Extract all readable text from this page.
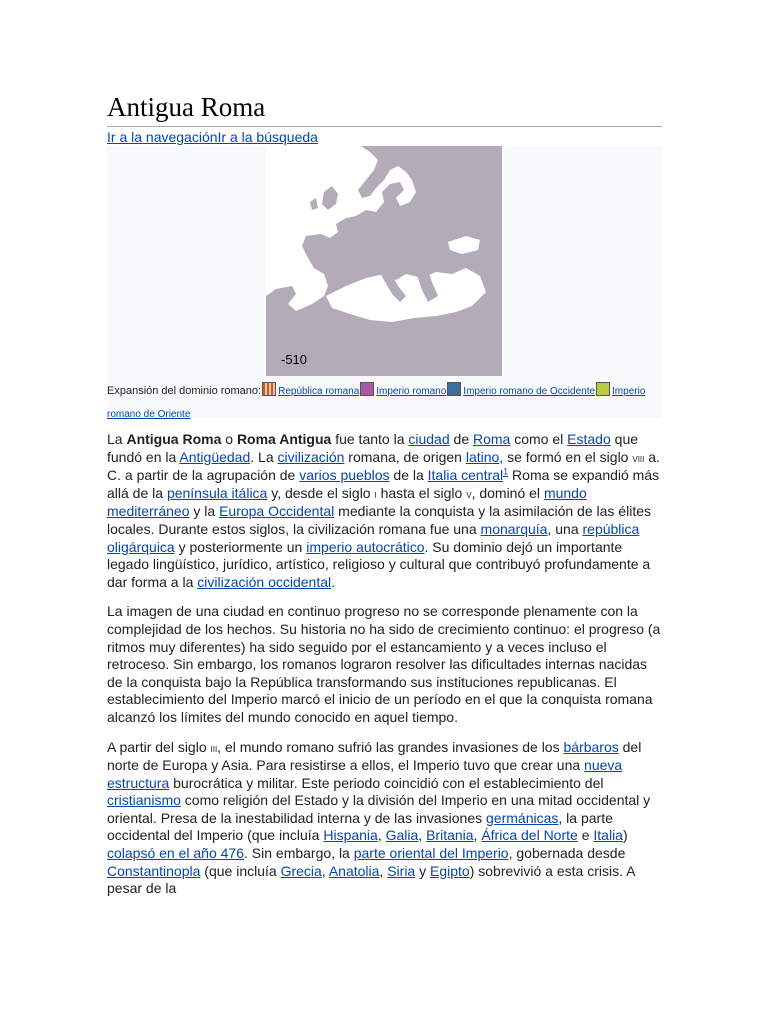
Antigua Roma
Ir a la navegaciónIr a la búsqueda
-510
Expansión del dominio romano: República romana Imperio romano Imperio romano de Occidente Imperio romano de Oriente

La Antigua Roma o Roma Antigua fue tanto la ciudad de Roma como el Estado que fundó en la Antigüedad. La civilización romana, de origen latino, se formó en el siglo viii a. C. a partir de la agrupación de varios pueblos de la Italia central$^1$ Roma se expandió más allá de la península itálica y, desde el siglo i hasta el siglo v, dominó el mundo mediterráneo y la Europa Occidental mediante la conquista y la asimilación de las élites locales. Durante estos siglos, la civilización romana fue una monarquía, una república oligárquica y posteriormente un imperio autocrático. Su dominio dejó un importante legado lingüístico, jurídico, artístico, religioso y cultural que contribuyó profundamente a dar forma a la civilización occidental.

La imagen de una ciudad en continuo progreso no se corresponde plenamente con la complejidad de los hechos. Su historia no ha sido de crecimiento continuo: el progreso (a ritmos muy diferentes) ha sido seguido por el estancamiento y a veces incluso el retroceso. Sin embargo, los romanos lograron resolver las dificultades internas nacidas de la conquista bajo la República transformando sus instituciones republicanas. El establecimiento del Imperio marcó el inicio de un período en el que la conquista romana alcanzó los límites del mundo conocido en aquel tiempo.

A partir del siglo iii, el mundo romano sufrió las grandes invasiones de los bárbaros del norte de Europa y Asia. Para resistirse a ellos, el Imperio tuvo que crear una nueva estructura burocrática y militar. Este periodo coincidió con el establecimiento del cristianismo como religión del Estado y la división del Imperio en una mitad occidental y oriental. Presa de la inestabilidad interna y de las invasiones germánicas, la parte occidental del Imperio (que incluía Hispania, Galia, Britania, África del Norte e Italia) colapsó en el año 476. Sin embargo, la parte oriental del Imperio, gobernada desde Constantinopla (que incluía Grecia, Anatolia, Siria y Egipto) sobrevivió a esta crisis. A pesar de la
